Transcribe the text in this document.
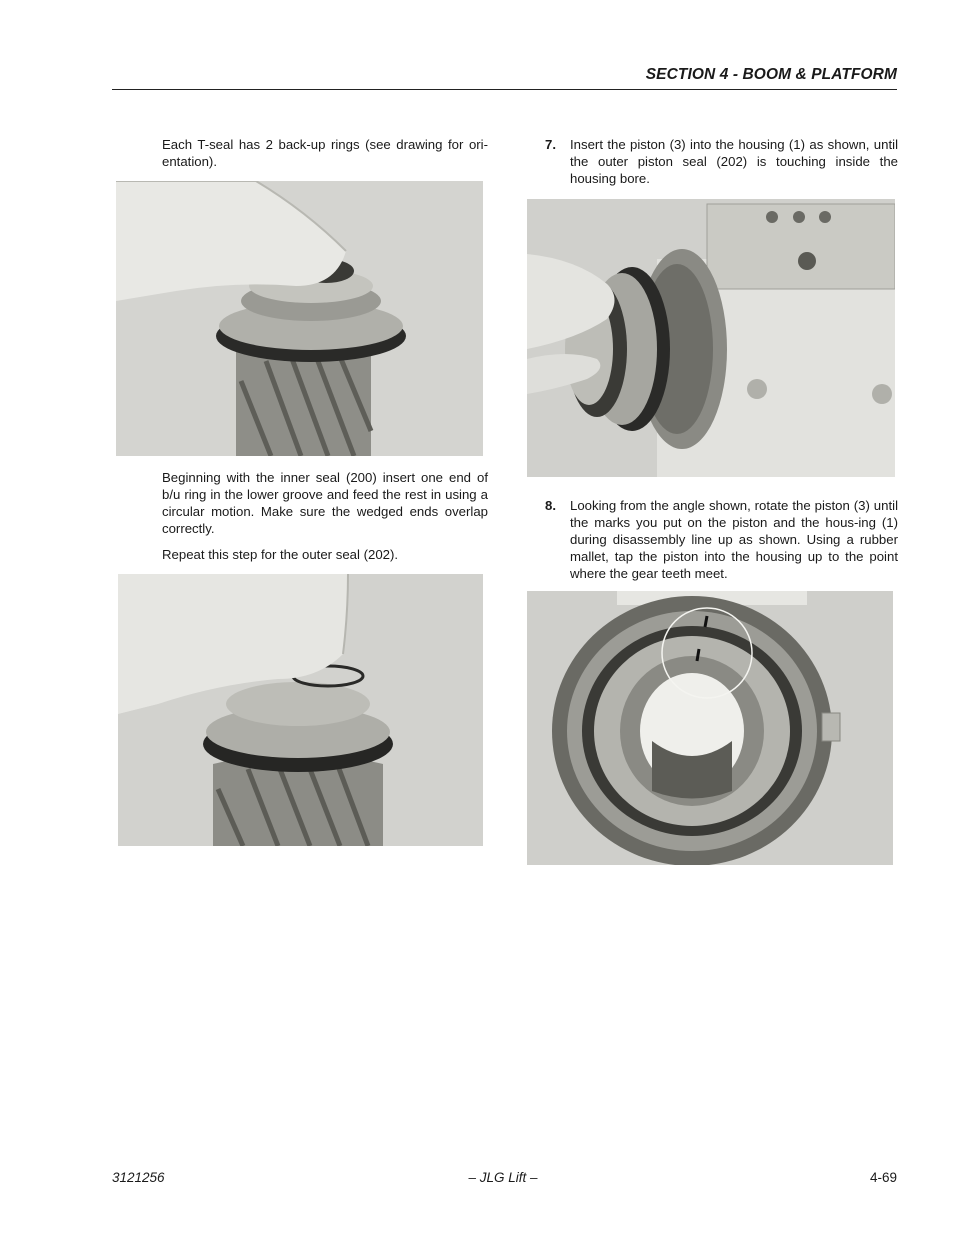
SECTION 4 - BOOM & PLATFORM

Each T-seal has 2 back-up rings (see drawing for ori-entation).

Beginning with the inner seal (200) insert one end of b/u ring in the lower groove and feed the rest in using a circular motion. Make sure the wedged ends overlap correctly.

Repeat this step for the outer seal (202).

7. Insert the piston (3) into the housing (1) as shown, until the outer piston seal (202) is touching inside the housing bore.

8. Looking from the angle shown, rotate the piston (3) until the marks you put on the piston and the hous-ing (1) during disassembly line up as shown. Using a rubber mallet, tap the piston into the housing up to the point where the gear teeth meet.

3121256	– JLG Lift –	4-69
